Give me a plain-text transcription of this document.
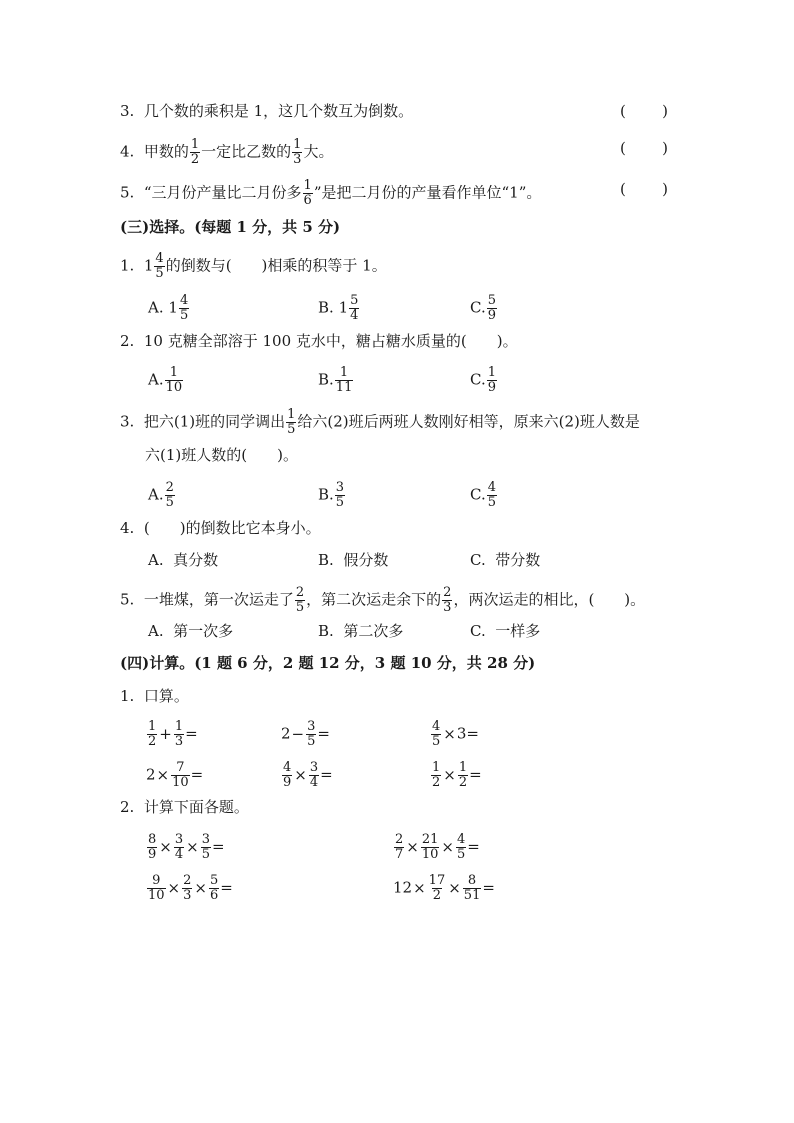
3. 几个数的乘积是 1，这几个数互为倒数。	( )
4. 甲数的 $\frac{1}{2}$ 一定比乙数的 $\frac{1}{3}$ 大。	( )
5. “三月份产量比二月份多 $\frac{1}{6}$ ”是把二月份的产量看作单位“1”。	( )
(三)选择。(每题 1 分，共 5 分)
1. $1 \frac{4}{5}$ 的倒数与(　　)相乘的积等于 1。
A. $1 \frac{4}{5}$	B. $1 \frac{5}{4}$	C. $\frac{5}{9}$
2. 10 克糖全部溶于 100 克水中，糖占糖水质量的(　　)。
A. $\frac{1}{10}$	B. $\frac{1}{11}$	C. $\frac{1}{9}$
3. 把六(1)班的同学调出 $\frac{1}{5}$ 给六(2)班后两班人数刚好相等，原来六(2)班人数是
六(1)班人数的(　　)。
A. $\frac{2}{5}$	B. $\frac{3}{5}$	C. $\frac{4}{5}$
4. (　　)的倒数比它本身小。
A. 真分数	B. 假分数	C. 带分数
5. 一堆煤，第一次运走了 $\frac{2}{5}$ ，第二次运走余下的 $\frac{2}{3}$ ，两次运走的相比，(　　)。
A. 第一次多	B. 第二次多	C. 一样多
(四)计算。(1 题 6 分，2 题 12 分，3 题 10 分，共 28 分)
1. 口算。
$\frac{1}{2} + \frac{1}{3}$ =	$2- \frac{3}{5}$ =	$\frac{4}{5} \times 3=$
$2\times \frac{7}{10}$ =	$\frac{4}{9} \times \frac{3}{4}$ =	$\frac{1}{2} \times \frac{1}{2}$ =
2. 计算下面各题。
$\frac{8}{9} \times \frac{3}{4} \times \frac{3}{5}$ =	$\frac{2}{7} \times \frac{21}{10} \times \frac{4}{5}$ =
$\frac{9}{10} \times \frac{2}{3} \times \frac{5}{6}$ =	$12\times \frac{17}{2} \times \frac{8}{51}$ =
